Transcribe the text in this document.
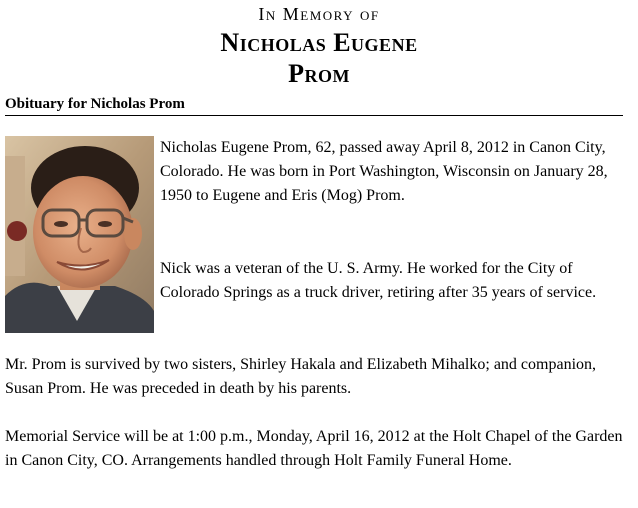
In Memory of
Nicholas Eugene
Prom
Obituary for Nicholas Prom
Nicholas Eugene Prom, 62, passed away April 8, 2012 in Canon City, Colorado. He was born in Port Washington, Wisconsin on January 28, 1950 to Eugene and Eris (Mog) Prom.
Nick was a veteran of the U. S. Army. He worked for the City of Colorado Springs as a truck driver, retiring after 35 years of service.
Mr. Prom is survived by two sisters, Shirley Hakala and Elizabeth Mihalko; and companion, Susan Prom. He was preceded in death by his parents.
Memorial Service will be at 1:00 p.m., Monday, April 16, 2012 at the Holt Chapel of the Garden in Canon City, CO. Arrangements handled through Holt Family Funeral Home.
